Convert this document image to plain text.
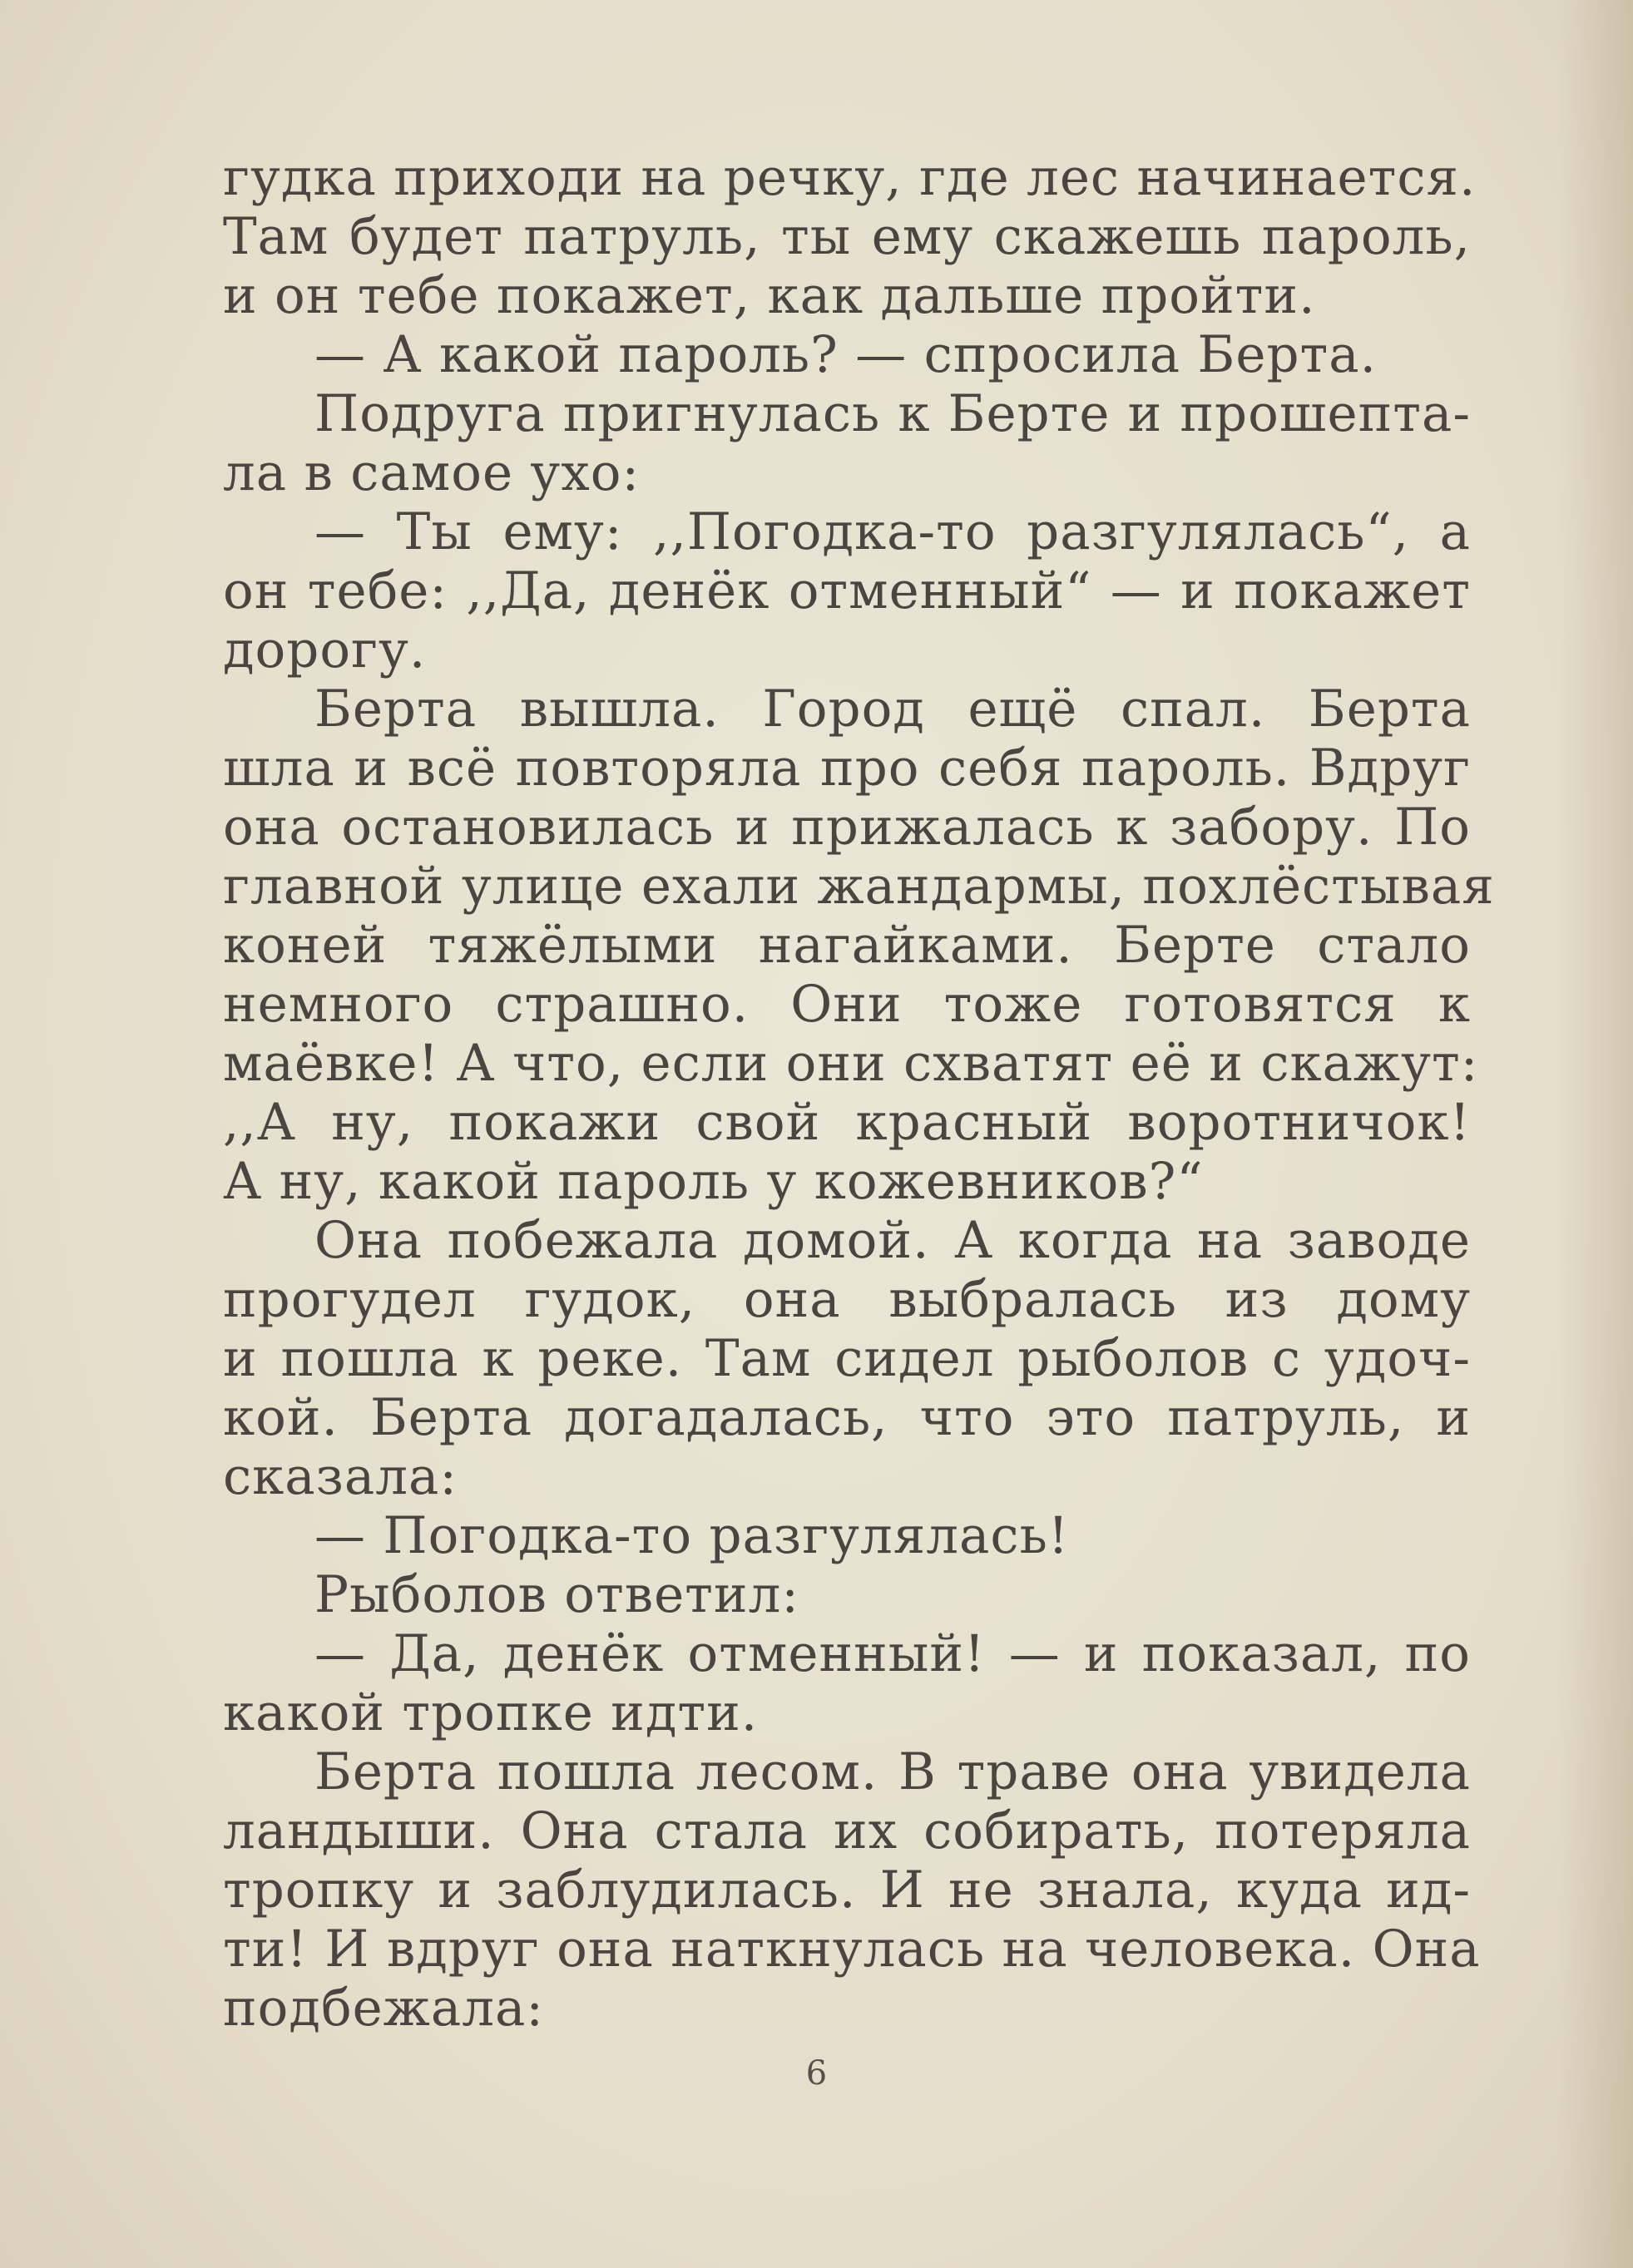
гудка приходи на речку, где лес начинается.
Там будет патруль, ты ему скажешь пароль,
и он тебе покажет, как дальше пройти.
— А какой пароль? — спросила Берта.
Подруга пригнулась к Берте и прошепта-
ла в самое ухо:
— Ты ему: ,,Погодка-то разгулялась“, а
он тебе: ,,Да, денёк отменный“ — и покажет
дорогу.
Берта вышла. Город ещё спал. Берта
шла и всё повторяла про себя пароль. Вдруг
она остановилась и прижалась к забору. По
главной улице ехали жандармы, похлёстывая
коней тяжёлыми нагайками. Берте стало
немного страшно. Они тоже готовятся к
маёвке! А что, если они схватят её и скажут:
,,А ну, покажи свой красный воротничок!
А ну, какой пароль у кожевников?“
Она побежала домой. А когда на заводе
прогудел гудок, она выбралась из дому
и пошла к реке. Там сидел рыболов с удоч-
кой. Берта догадалась, что это патруль, и
сказала:
— Погодка-то разгулялась!
Рыболов ответил:
— Да, денёк отменный! — и показал, по
какой тропке идти.
Берта пошла лесом. В траве она увидела
ландыши. Она стала их собирать, потеряла
тропку и заблудилась. И не знала, куда ид-
ти! И вдруг она наткнулась на человека. Она
подбежала:
6
